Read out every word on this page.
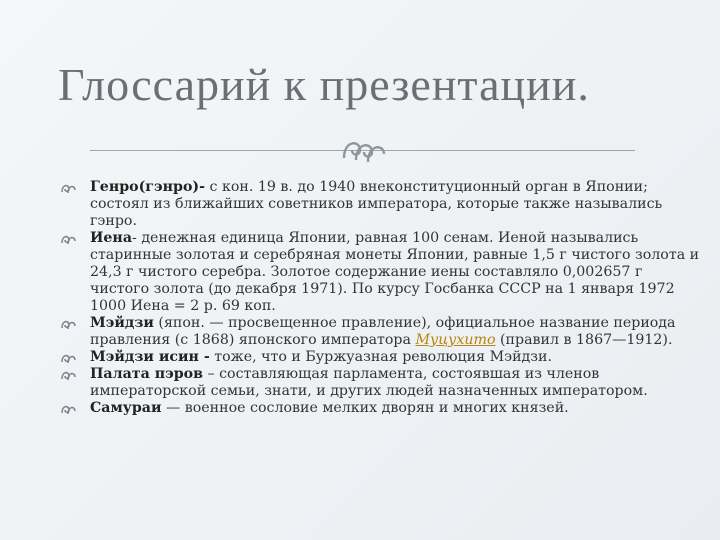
Глоссарий к презентации.
Генро(гэнро)- с кон. 19 в. до 1940 внеконституционный орган в Японии; состоял из ближайших советников императора, которые также назывались гэнро.
Иена- денежная единица Японии, равная 100 сенам. Иеной назывались старинные золотая и серебряная монеты Японии, равные 1,5 г чистого золота и 24,3 г чистого серебра. Золотое содержание иены составляло 0,002657 г чистого золота (до декабря 1971). По курсу Госбанка СССР на 1 января 1972 1000 Иена = 2 р. 69 коп.
Мэйдзи (япон. — просвещенное правление), официальное название периода правления (с 1868) японского императора Муцухито (правил в 1867—1912).
Мэйдзи исин - тоже, что и Буржуазная революция Мэйдзи.
Палата пэров – составляющая парламента, состоявшая из членов императорской семьи, знати, и других людей назначенных императором.
Самураи — военное сословие мелких дворян и многих князей.
